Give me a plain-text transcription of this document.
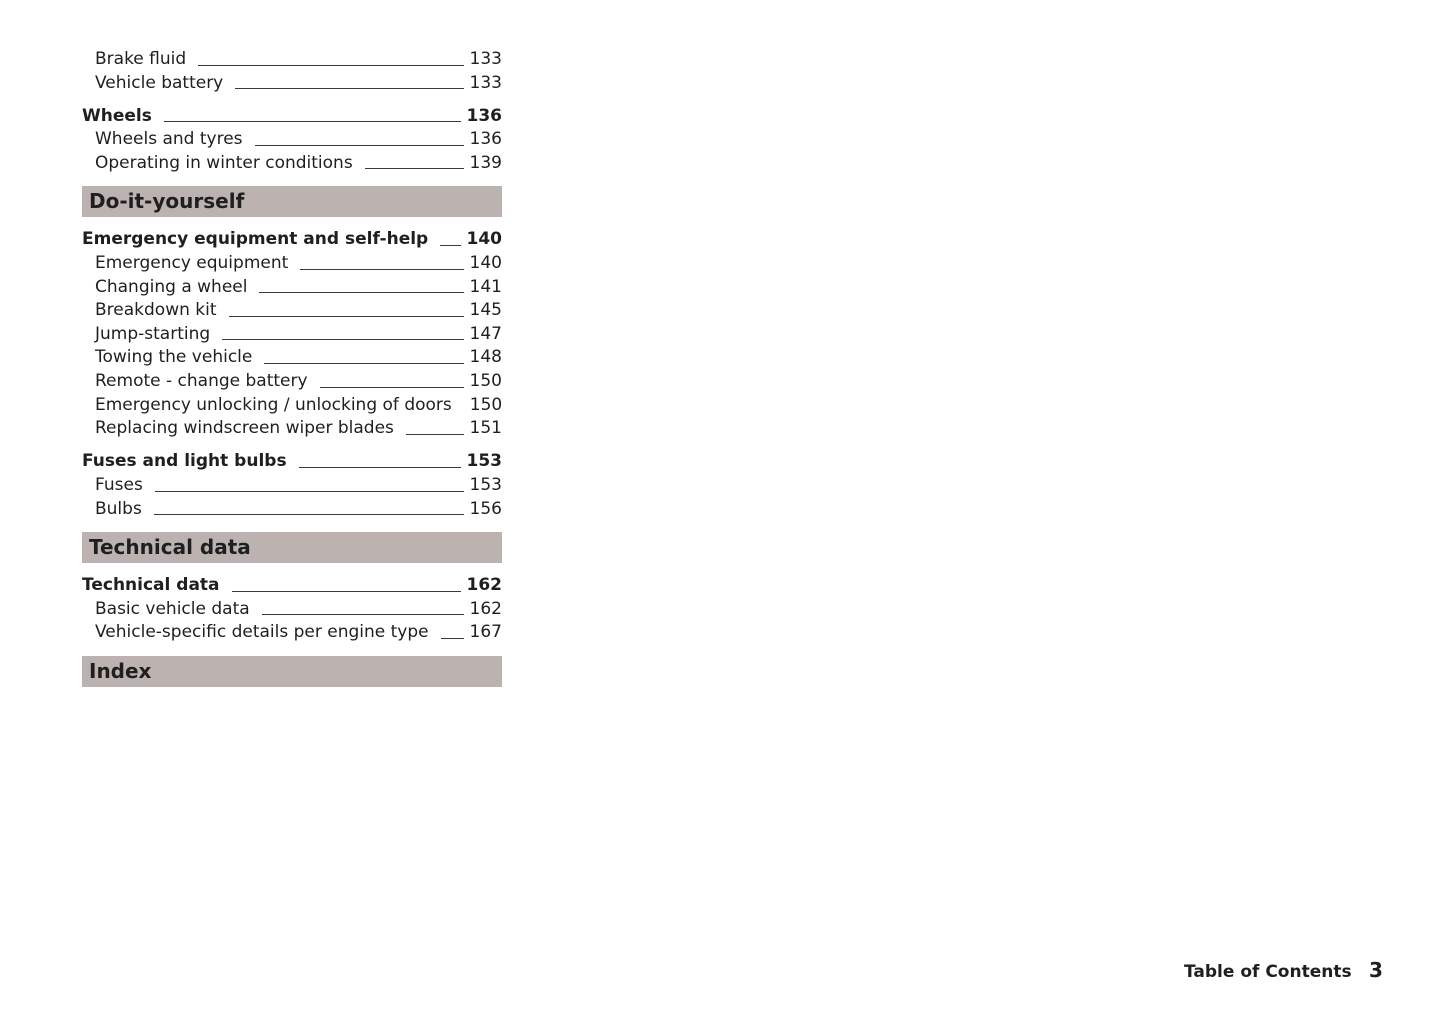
Brake fluid	133
Vehicle battery	133
Wheels	136
Wheels and tyres	136
Operating in winter conditions	139
Do-it-yourself
Emergency equipment and self-help 140
Emergency equipment	140
Changing a wheel	141
Breakdown kit	145
Jump-starting	147
Towing the vehicle	148
Remote - change battery	150
Emergency unlocking / unlocking of doors 150
Replacing windscreen wiper blades	151
Fuses and light bulbs	153
Fuses	153
Bulbs	156
Technical data
Technical data	162
Basic vehicle data	162
Vehicle-specific details per engine type 167
Index
Table of Contents 3
